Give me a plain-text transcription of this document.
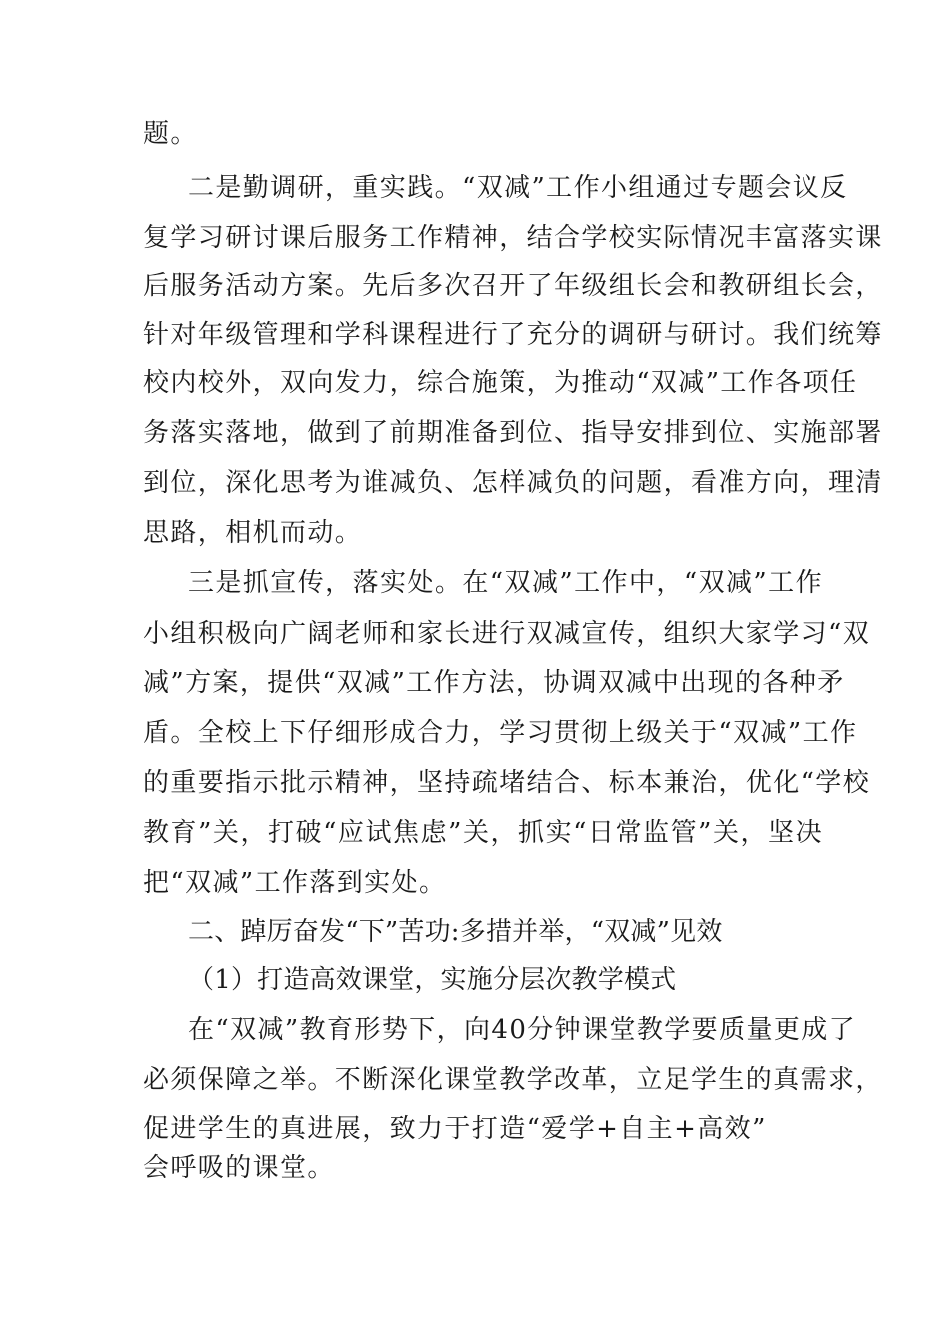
题。
二是勤调研，重实践。“双减”工作小组通过专题会议反
复学习研讨课后服务工作精神，结合学校实际情况丰富落实课
后服务活动方案。先后多次召开了年级组长会和教研组长会，
针对年级管理和学科课程进行了充分的调研与研讨。我们统筹
校内校外，双向发力，综合施策，为推动“双减”工作各项任
务落实落地，做到了前期准备到位、指导安排到位、实施部署
到位，深化思考为谁减负、怎样减负的问题，看准方向，理清
思路，相机而动。
三是抓宣传，落实处。在“双减”工作中，“双减”工作
小组积极向广阔老师和家长进行双减宣传，组织大家学习“双
减”方案，提供“双减”工作方法，协调双减中出现的各种矛
盾。全校上下仔细形成合力，学习贯彻上级关于“双减”工作
的重要指示批示精神，坚持疏堵结合、标本兼治，优化“学校
教育”关，打破“应试焦虑”关，抓实“日常监管”关，坚决
把“双减”工作落到实处。
二、踔厉奋发“下”苦功:多措并举，“双减”见效
（1）打造高效课堂，实施分层次教学模式
在“双减”教育形势下，向40分钟课堂教学要质量更成了
必须保障之举。不断深化课堂教学改革，立足学生的真需求，
促进学生的真进展，致力于打造“爱学+自主+高效”
会呼吸的课堂。
